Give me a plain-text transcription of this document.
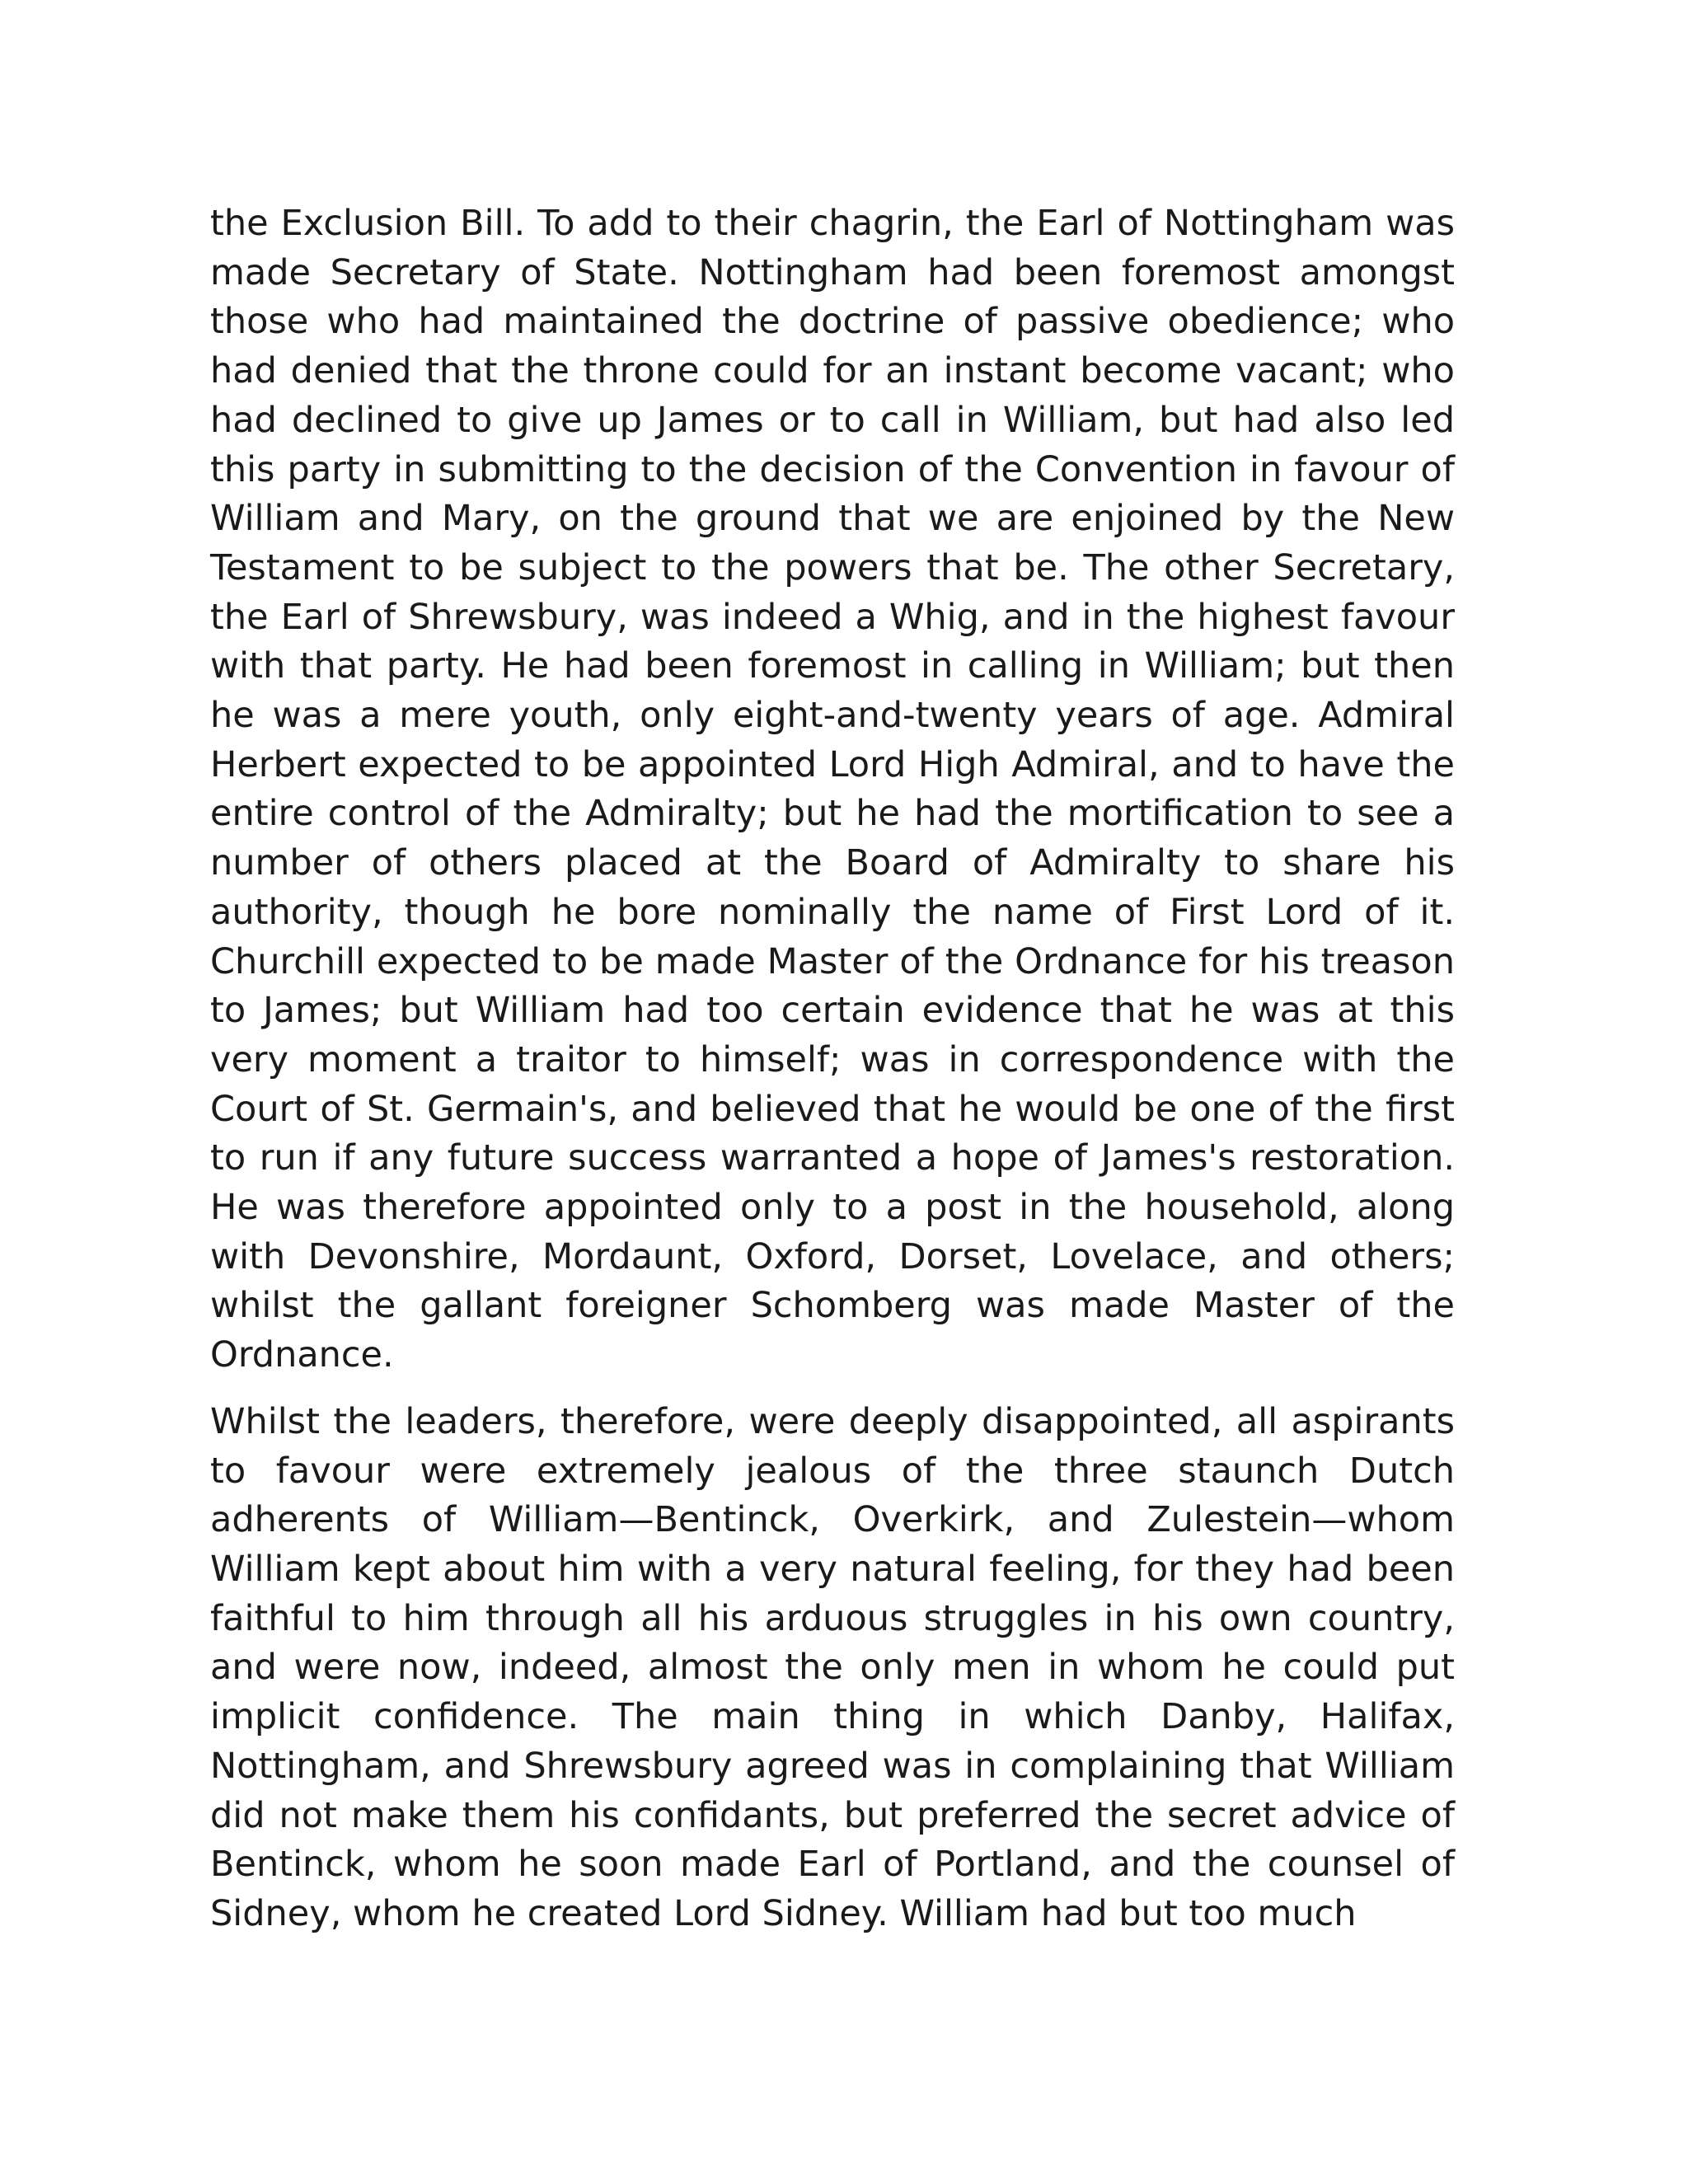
the Exclusion Bill. To add to their chagrin, the Earl of Nottingham was made Secretary of State. Nottingham had been foremost amongst those who had maintained the doctrine of passive obedience; who had denied that the throne could for an instant become vacant; who had declined to give up James or to call in William, but had also led this party in submitting to the decision of the Convention in favour of William and Mary, on the ground that we are enjoined by the New Testament to be subject to the powers that be. The other Secretary, the Earl of Shrewsbury, was indeed a Whig, and in the highest favour with that party. He had been foremost in calling in William; but then he was a mere youth, only eight-and-twenty years of age. Admiral Herbert expected to be appointed Lord High Admiral, and to have the entire control of the Admiralty; but he had the mortification to see a number of others placed at the Board of Admiralty to share his authority, though he bore nominally the name of First Lord of it. Churchill expected to be made Master of the Ordnance for his treason to James; but William had too certain evidence that he was at this very moment a traitor to himself; was in correspondence with the Court of St. Germain's, and believed that he would be one of the first to run if any future success warranted a hope of James's restoration. He was therefore appointed only to a post in the household, along with Devonshire, Mordaunt, Oxford, Dorset, Lovelace, and others; whilst the gallant foreigner Schomberg was made Master of the Ordnance.

Whilst the leaders, therefore, were deeply disappointed, all aspirants to favour were extremely jealous of the three staunch Dutch adherents of William—Bentinck, Overkirk, and Zulestein—whom William kept about him with a very natural feeling, for they had been faithful to him through all his arduous struggles in his own country, and were now, indeed, almost the only men in whom he could put implicit confidence. The main thing in which Danby, Halifax, Nottingham, and Shrewsbury agreed was in complaining that William did not make them his confidants, but preferred the secret advice of Bentinck, whom he soon made Earl of Portland, and the counsel of Sidney, whom he created Lord Sidney. William had but too much
